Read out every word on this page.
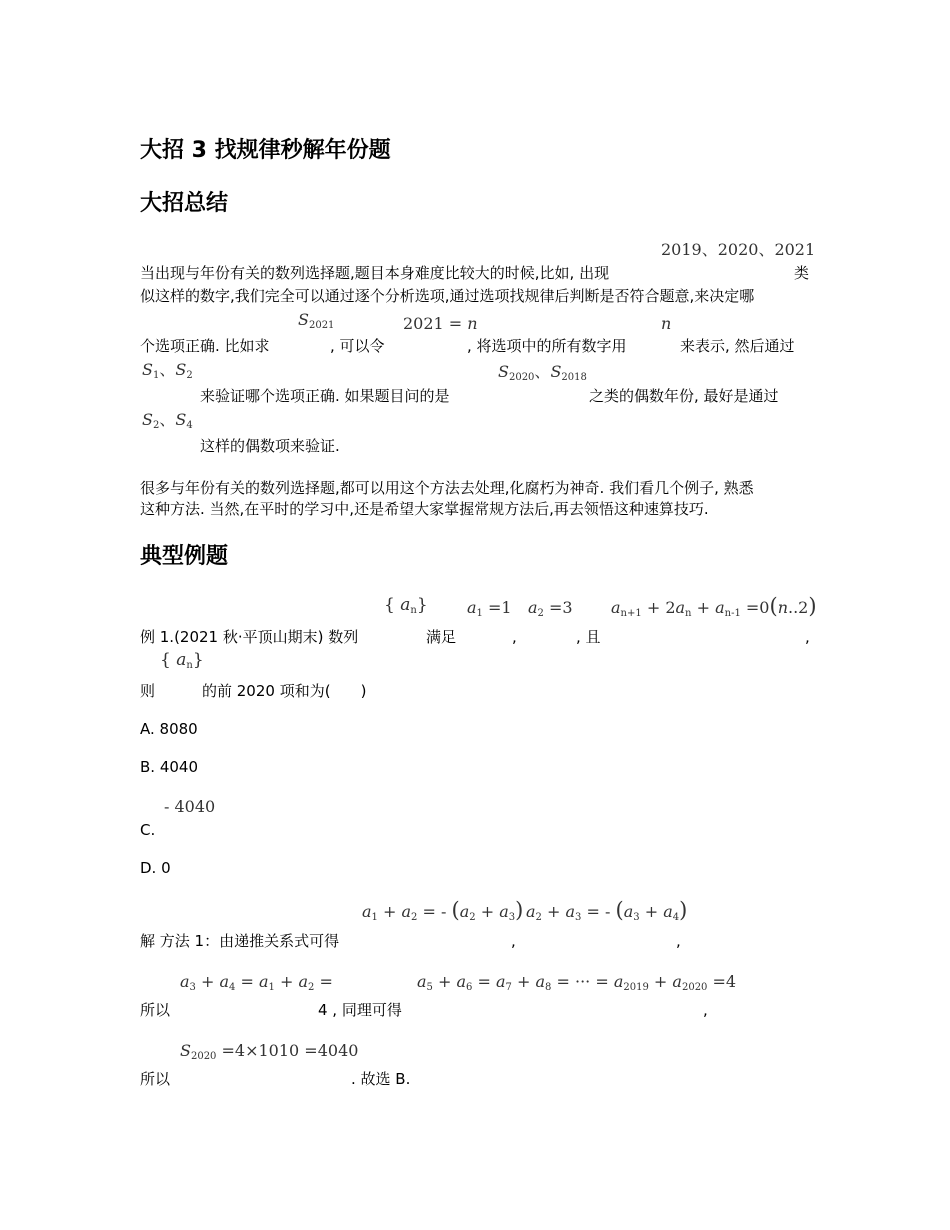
大招 3 找规律秒解年份题
大招总结
2019、2020、2021
当出现与年份有关的数列选择题,题目本身难度比较大的时候,比如, 出现	类
似这样的数字,我们完全可以通过逐个分析选项,通过选项找规律后判断是否符合题意,来决定哪
$S_{2021}$	2021 = n	n
个选项正确. 比如求	, 可以令	, 将选项中的所有数字用	来表示, 然后通过
$S_1$、$S_2$	$S_{2020}$、$S_{2018}$
来验证哪个选项正确. 如果题目问的是	之类的偶数年份, 最好是通过
$S_2$、$S_4$
这样的偶数项来验证.
很多与年份有关的数列选择题,都可以用这个方法去处理,化腐朽为神奇. 我们看几个例子, 熟悉
这种方法. 当然,在平时的学习中,还是希望大家掌握常规方法后,再去领悟这种速算技巧.
典型例题
{ $a_n$} $a_1 =1$ $a_2 =3$ $a_{n+1} + 2a_n + a_{n-1} =0(n..2)$
例 1.(2021 秋·平顶山期末) 数列	满足	,	, 且	,
{ $a_n$}
则	的前 2020 项和为(　　)
A. 8080
B. 4040
- 4040
C.
D. 0
$a_1 + a_2$ = - $(a_2 + a_3) a_2 + a_3$ = - $(a_3 + a_4)$
解 方法 1：由递推关系式可得	,	,
$a_3 + a_4 = a_1 + a_2$ =	$a_5 + a_6 = a_7 + a_8$ = ··· = $a_{2019} + a_{2020} =4$
所以	4 , 同理可得	,
$S_{2020} =4\times 1010 =4040$
所以	. 故选 B.
